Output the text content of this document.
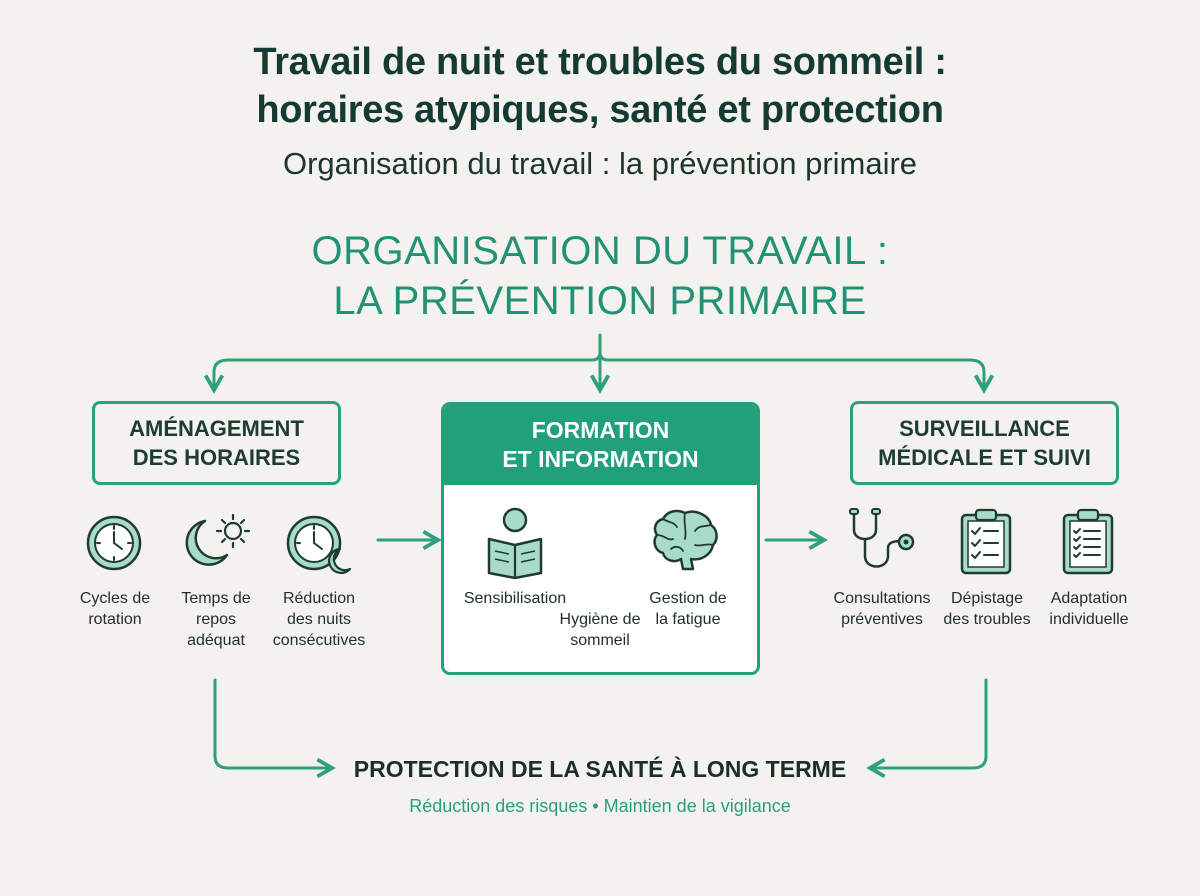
Travail de nuit et troubles du sommeil :
horaires atypiques, santé et protection
Organisation du travail : la prévention primaire
ORGANISATION DU TRAVAIL :
LA PRÉVENTION PRIMAIRE
AMÉNAGEMENT
DES HORAIRES
SURVEILLANCE
MÉDICALE ET SUIVI
FORMATION
ET INFORMATION
Cycles de
rotation
Temps de
repos
adéquat
Réduction
des nuits
consécutives
Sensibilisation	Gestion de
la fatigue
Hygiène de
sommeil
Consultations
préventives
Dépistage
des troubles
Adaptation
individuelle
PROTECTION DE LA SANTÉ À LONG TERME
Réduction des risques • Maintien de la vigilance
